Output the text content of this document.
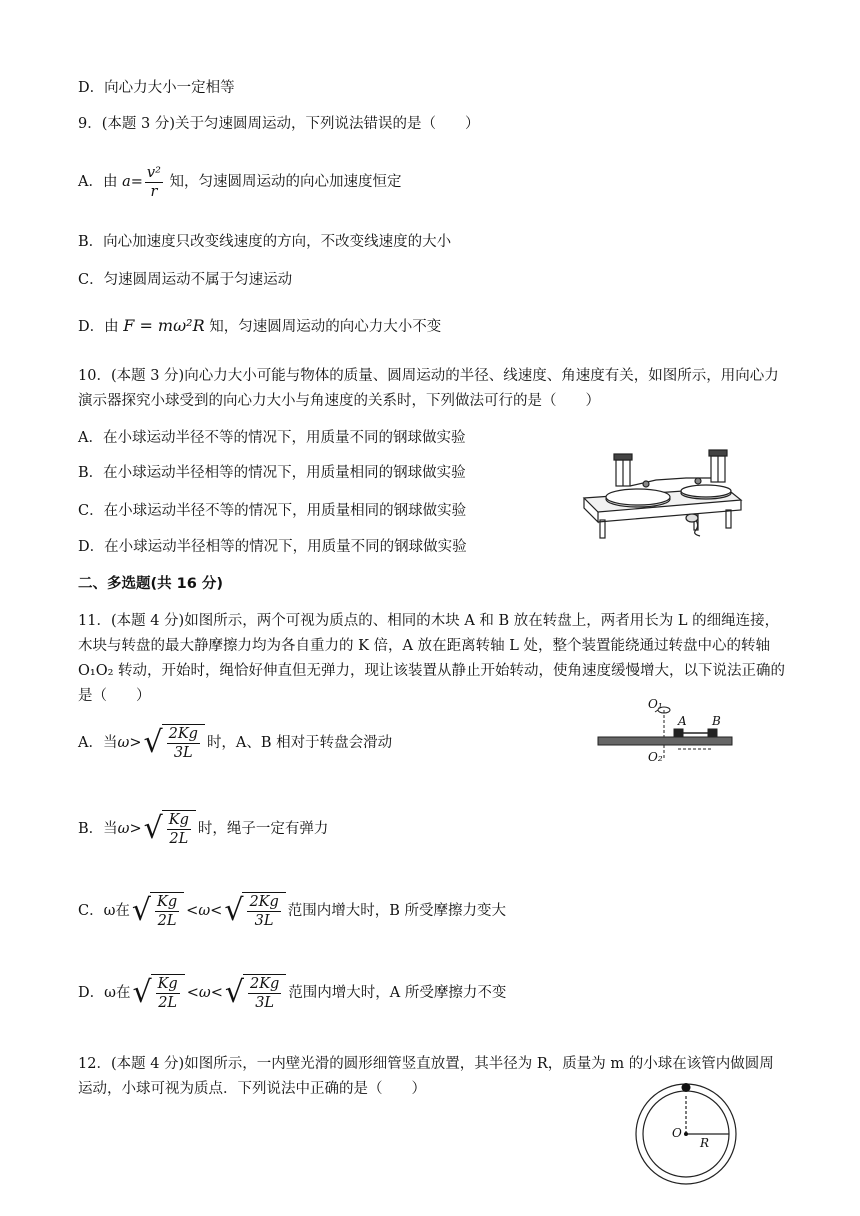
D．向心力大小一定相等
9．(本题 3 分)关于匀速圆周运动，下列说法错误的是（　　）
A．由 $a= \frac{\text{v²}}{r}$ 知，匀速圆周运动的向心加速度恒定
B．向心加速度只改变线速度的方向，不改变线速度的大小
C．匀速圆周运动不属于匀速运动
D．由 F = mω²R 知，匀速圆周运动的向心力大小不变
10．(本题 3 分)向心力大小可能与物体的质量、圆周运动的半径、线速度、角速度有关，如图所示，用向心力演示器探究小球受到的向心力大小与角速度的关系时，下列做法可行的是（　　）
A．在小球运动半径不等的情况下，用质量不同的钢球做实验
B．在小球运动半径相等的情况下，用质量相同的钢球做实验
C．在小球运动半径不等的情况下，用质量相同的钢球做实验
D．在小球运动半径相等的情况下，用质量不同的钢球做实验
二、多选题(共 16 分)
11．(本题 4 分)如图所示，两个可视为质点的、相同的木块 A 和 B 放在转盘上，两者用长为 L 的细绳连接，木块与转盘的最大静摩擦力均为各自重力的 K 倍，A 放在距离转轴 L 处，整个装置能绕通过转盘中心的转轴 O₁O₂ 转动，开始时，绳恰好伸直但无弹力，现让该装置从静止开始转动，使角速度缓慢增大，以下说法正确的是（　　）	O₁
O₂
A B
A．当ω> √ $\frac{2Kg}{3L}$ 时，A、B 相对于转盘会滑动
B．当ω> √ $\frac{Kg}{2L}$ 时，绳子一定有弹力
C．ω在 √ $\frac{Kg}{2L} <\omega<$ √ $\frac{2Kg}{3L}$ 范围内增大时，B 所受摩擦力变大
D．ω在 √ $\frac{Kg}{2L} <\omega<$ √ $\frac{2Kg}{3L}$ 范围内增大时，A 所受摩擦力不变
12．(本题 4 分)如图所示，一内壁光滑的圆形细管竖直放置，其半径为 R，质量为 m 的小球在该管内做圆周运动，小球可视为质点．下列说法中正确的是（　　）
O
R
